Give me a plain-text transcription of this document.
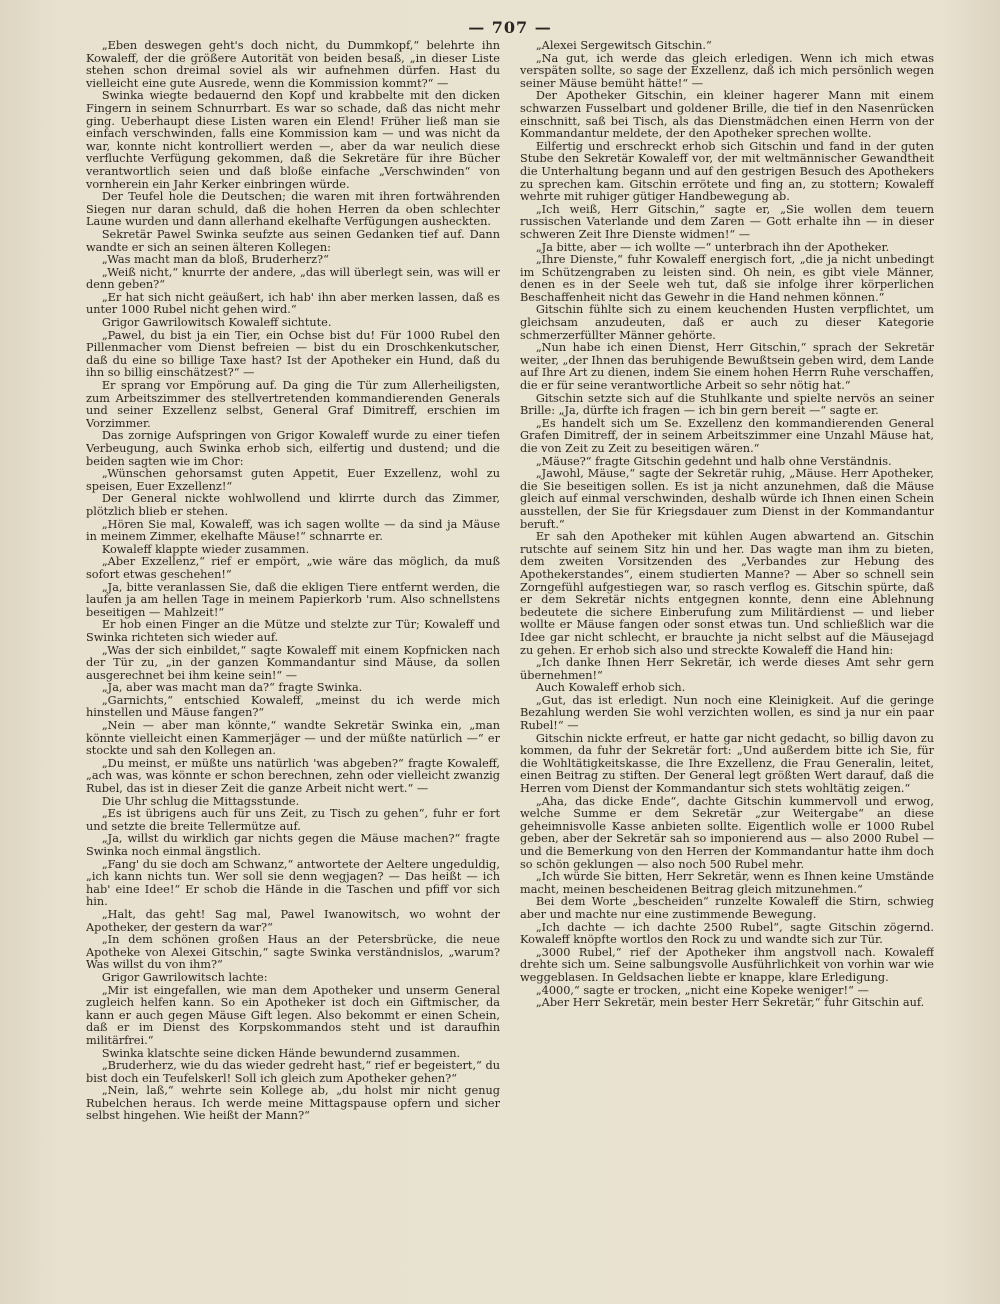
— 707 —

„Eben deswegen geht's doch nicht, du Dummkopf,“ belehrte ihn Kowaleff, der die größere Autorität von beiden besaß, „in dieser Liste stehen schon dreimal soviel als wir aufnehmen dürfen. Hast du vielleicht eine gute Ausrede, wenn die Kommission kommt?“ —

Swinka wiegte bedauernd den Kopf und krabbelte mit den dicken Fingern in seinem Schnurrbart. Es war so schade, daß das nicht mehr ging. Ueberhaupt diese Listen waren ein Elend! Früher ließ man sie einfach verschwinden, falls eine Kommission kam — und was nicht da war, konnte nicht kontrolliert werden —, aber da war neulich diese verfluchte Verfügung gekommen, daß die Sekretäre für ihre Bücher verantwortlich seien und daß bloße einfache „Verschwinden“ von vornherein ein Jahr Kerker einbringen würde.

Der Teufel hole die Deutschen; die waren mit ihren fortwährenden Siegen nur daran schuld, daß die hohen Herren da oben schlechter Laune wurden und dann allerhand ekelhafte Verfügungen ausheckten.

Sekretär Pawel Swinka seufzte aus seinen Gedanken tief auf. Dann wandte er sich an seinen älteren Kollegen:

„Was macht man da bloß, Bruderherz?“

„Weiß nicht,“ knurrte der andere, „das will überlegt sein, was will er denn geben?“

„Er hat sich nicht geäußert, ich hab' ihn aber merken lassen, daß es unter 1000 Rubel nicht gehen wird.“

Grigor Gawrilowitsch Kowaleff sichtute.

„Pawel, du bist ja ein Tier, ein Ochse bist du! Für 1000 Rubel den Pillenmacher vom Dienst befreien — bist du ein Droschkenkutscher, daß du eine so billige Taxe hast? Ist der Apotheker ein Hund, daß du ihn so billig einschätzest?“ —

Er sprang vor Empörung auf. Da ging die Tür zum Allerheiligsten, zum Arbeitszimmer des stellvertretenden kommandierenden Generals und seiner Exzellenz selbst, General Graf Dimitreff, erschien im Vorzimmer.

Das zornige Aufspringen von Grigor Kowaleff wurde zu einer tiefen Verbeugung, auch Swinka erhob sich, eilfertig und dustend; und die beiden sagten wie im Chor:

„Wünschen gehorsamst guten Appetit, Euer Exzellenz, wohl zu speisen, Euer Exzellenz!“

Der General nickte wohlwollend und klirrte durch das Zimmer, plötzlich blieb er stehen.

„Hören Sie mal, Kowaleff, was ich sagen wollte — da sind ja Mäuse in meinem Zimmer, ekelhafte Mäuse!“ schnarrte er.

Kowaleff klappte wieder zusammen.

„Aber Exzellenz,“ rief er empört, „wie wäre das möglich, da muß sofort etwas geschehen!“

„Ja, bitte veranlassen Sie, daß die ekligen Tiere entfernt werden, die laufen ja am hellen Tage in meinem Papierkorb 'rum. Also schnellstens beseitigen — Mahlzeit!“

Er hob einen Finger an die Mütze und stelzte zur Tür; Kowaleff und Swinka richteten sich wieder auf.

„Was der sich einbildet,“ sagte Kowaleff mit einem Kopfnicken nach der Tür zu, „in der ganzen Kommandantur sind Mäuse, da sollen ausgerechnet bei ihm keine sein!“ —

„Ja, aber was macht man da?“ fragte Swinka.

„Garnichts,“ entschied Kowaleff, „meinst du ich werde mich hinstellen und Mäuse fangen?“

„Nein — aber man könnte,“ wandte Sekretär Swinka ein, „man könnte vielleicht einen Kammerjäger — und der müßte natürlich —“ er stockte und sah den Kollegen an.

„Du meinst, er müßte uns natürlich 'was abgeben?“ fragte Kowaleff, „ach was, was könnte er schon berechnen, zehn oder vielleicht zwanzig Rubel, das ist in dieser Zeit die ganze Arbeit nicht wert.“ —

Die Uhr schlug die Mittagsstunde.

„Es ist übrigens auch für uns Zeit, zu Tisch zu gehen“, fuhr er fort und setzte die breite Tellermütze auf.

„Ja, willst du wirklich gar nichts gegen die Mäuse machen?“ fragte Swinka noch einmal ängstlich.

„Fang' du sie doch am Schwanz,“ antwortete der Aeltere ungeduldig, „ich kann nichts tun. Wer soll sie denn wegjagen? — Das heißt — ich hab' eine Idee!“ Er schob die Hände in die Taschen und pfiff vor sich hin.

„Halt, das geht! Sag mal, Pawel Iwanowitsch, wo wohnt der Apotheker, der gestern da war?“

„In dem schönen großen Haus an der Petersbrücke, die neue Apotheke von Alexei Gitschin,“ sagte Swinka verständnislos, „warum? Was willst du von ihm?“

Grigor Gawrilowitsch lachte:

„Mir ist eingefallen, wie man dem Apotheker und unserm General zugleich helfen kann. So ein Apotheker ist doch ein Giftmischer, da kann er auch gegen Mäuse Gift legen. Also bekommt er einen Schein, daß er im Dienst des Korpskommandos steht und ist daraufhin militärfrei.“

Swinka klatschte seine dicken Hände bewundernd zusammen.

„Bruderherz, wie du das wieder gedreht hast,“ rief er begeistert,“ du bist doch ein Teufelskerl! Soll ich gleich zum Apotheker gehen?“

„Nein, laß,“ wehrte sein Kollege ab, „du holst mir nicht genug Rubelchen heraus. Ich werde meine Mittagspause opfern und sicher selbst hingehen. Wie heißt der Mann?“

„Alexei Sergewitsch Gitschin.“

„Na gut, ich werde das gleich erledigen. Wenn ich mich etwas verspäten sollte, so sage der Exzellenz, daß ich mich persönlich wegen seiner Mäuse bemüht hätte!“ —

Der Apotheker Gitschin, ein kleiner hagerer Mann mit einem schwarzen Fusselbart und goldener Brille, die tief in den Nasenrücken einschnitt, saß bei Tisch, als das Dienstmädchen einen Herrn von der Kommandantur meldete, der den Apotheker sprechen wollte.

Eilfertig und erschreckt erhob sich Gitschin und fand in der guten Stube den Sekretär Kowaleff vor, der mit weltmännischer Gewandtheit die Unterhaltung begann und auf den gestrigen Besuch des Apothekers zu sprechen kam. Gitschin errötete und fing an, zu stottern; Kowaleff wehrte mit ruhiger gütiger Handbewegung ab.

„Ich weiß, Herr Gitschin,“ sagte er, „Sie wollen dem teuern russischen Vaterlande und dem Zaren — Gott erhalte ihn — in dieser schweren Zeit Ihre Dienste widmen!“ —

„Ja bitte, aber — ich wollte —“ unterbrach ihn der Apotheker.

„Ihre Dienste,“ fuhr Kowaleff energisch fort, „die ja nicht unbedingt im Schützengraben zu leisten sind. Oh nein, es gibt viele Männer, denen es in der Seele weh tut, daß sie infolge ihrer körperlichen Beschaffenheit nicht das Gewehr in die Hand nehmen können.“

Gitschin fühlte sich zu einem keuchenden Husten verpflichtet, um gleichsam anzudeuten, daß er auch zu dieser Kategorie schmerzerfüllter Männer gehörte.

„Nun habe ich einen Dienst, Herr Gitschin,“ sprach der Sekretär weiter, „der Ihnen das beruhigende Bewußtsein geben wird, dem Lande auf Ihre Art zu dienen, indem Sie einem hohen Herrn Ruhe verschaffen, die er für seine verantwortliche Arbeit so sehr nötig hat.“

Gitschin setzte sich auf die Stuhlkante und spielte nervös an seiner Brille: „Ja, dürfte ich fragen — ich bin gern bereit —“ sagte er.

„Es handelt sich um Se. Exzellenz den kommandierenden General Grafen Dimitreff, der in seinem Arbeitszimmer eine Unzahl Mäuse hat, die von Zeit zu Zeit zu beseitigen wären.“

„Mäuse?“ fragte Gitschin gedehnt und halb ohne Verständnis.

„Jawohl, Mäuse,“ sagte der Sekretär ruhig, „Mäuse. Herr Apotheker, die Sie beseitigen sollen. Es ist ja nicht anzunehmen, daß die Mäuse gleich auf einmal verschwinden, deshalb würde ich Ihnen einen Schein ausstellen, der Sie für Kriegsdauer zum Dienst in der Kommandantur beruft.“

Er sah den Apotheker mit kühlen Augen abwartend an. Gitschin rutschte auf seinem Sitz hin und her. Das wagte man ihm zu bieten, dem zweiten Vorsitzenden des „Verbandes zur Hebung des Apothekerstandes“, einem studierten Manne? — Aber so schnell sein Zorngefühl aufgestiegen war, so rasch verflog es. Gitschin spürte, daß er dem Sekretär nichts entgegnen konnte, denn eine Ablehnung bedeutete die sichere Einberufung zum Militärdienst — und lieber wollte er Mäuse fangen oder sonst etwas tun. Und schließlich war die Idee gar nicht schlecht, er brauchte ja nicht selbst auf die Mäusejagd zu gehen. Er erhob sich also und streckte Kowaleff die Hand hin:

„Ich danke Ihnen Herr Sekretär, ich werde dieses Amt sehr gern übernehmen!“

Auch Kowaleff erhob sich.

„Gut, das ist erledigt. Nun noch eine Kleinigkeit. Auf die geringe Bezahlung werden Sie wohl verzichten wollen, es sind ja nur ein paar Rubel!“ —

Gitschin nickte erfreut, er hatte gar nicht gedacht, so billig davon zu kommen, da fuhr der Sekretär fort: „Und außerdem bitte ich Sie, für die Wohltätigkeitskasse, die Ihre Exzellenz, die Frau Generalin, leitet, einen Beitrag zu stiften. Der General legt größten Wert darauf, daß die Herren vom Dienst der Kommandantur sich stets wohltätig zeigen.“

„Aha, das dicke Ende“, dachte Gitschin kummervoll und erwog, welche Summe er dem Sekretär „zur Weitergabe“ an diese geheimnisvolle Kasse anbieten sollte. Eigentlich wolle er 1000 Rubel geben, aber der Sekretär sah so imponierend aus — also 2000 Rubel — und die Bemerkung von den Herren der Kommandantur hatte ihm doch so schön geklungen — also noch 500 Rubel mehr.

„Ich würde Sie bitten, Herr Sekretär, wenn es Ihnen keine Umstände macht, meinen bescheidenen Beitrag gleich mitzunehmen.“

Bei dem Worte „bescheiden“ runzelte Kowaleff die Stirn, schwieg aber und machte nur eine zustimmende Bewegung.

„Ich dachte — ich dachte 2500 Rubel“, sagte Gitschin zögernd. Kowaleff knöpfte wortlos den Rock zu und wandte sich zur Tür.

„3000 Rubel,“ rief der Apotheker ihm angstvoll nach. Kowaleff drehte sich um. Seine salbungsvolle Ausführlichkeit von vorhin war wie weggeblasen. In Geldsachen liebte er knappe, klare Erledigung.

„4000,“ sagte er trocken, „nicht eine Kopeke weniger!“ —

„Aber Herr Sekretär, mein bester Herr Sekretär,“ fuhr Gitschin auf.
